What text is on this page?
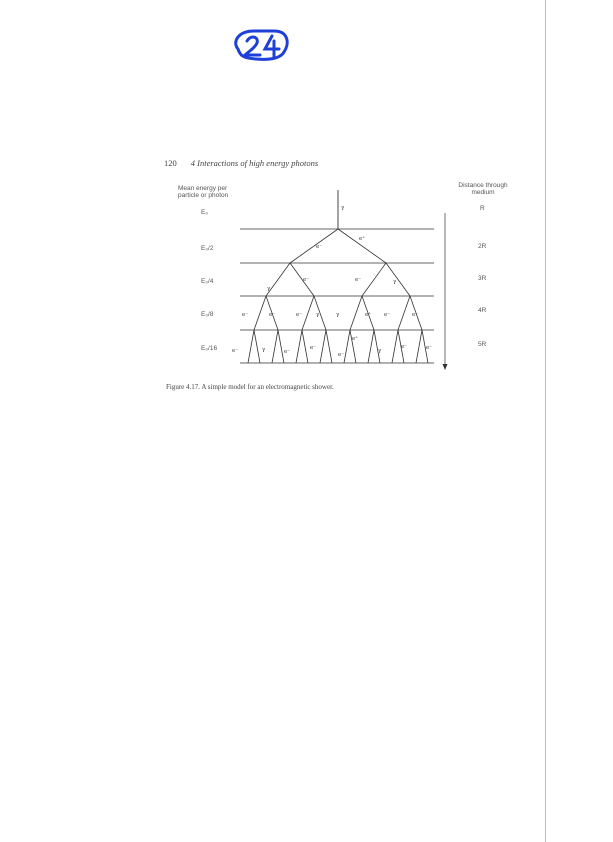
120 4 Interactions of high energy photons
Mean energy per particle or photon
Distance through medium
E₀
E₀/2
E₀/4
E₀/8
E₀/16
R
2R
3R
4R
5R
γ
e⁻
e⁺
e⁻	e⁻
γ
γ
e⁻	e⁻	e⁻	γ	γ	e⁺ e⁻	e⁻
e⁻	γ	e⁻
e⁻
e⁻
e⁺
γ
e⁻	e⁻
Figure 4.17. A simple model for an electromagnetic shower.
